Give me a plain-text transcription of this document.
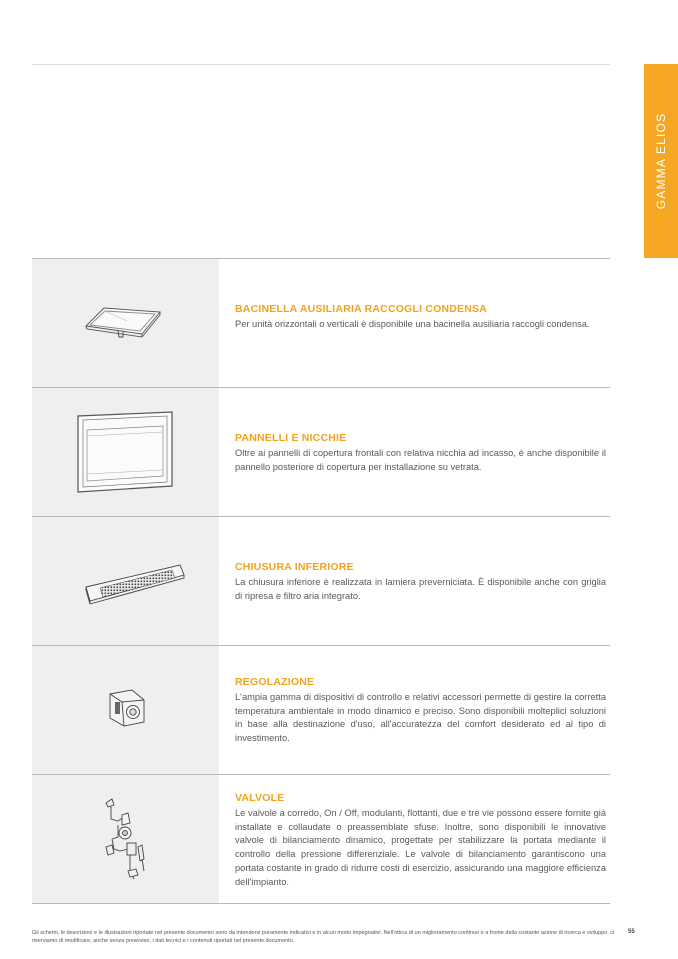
GAMMA ELIOS

BACINELLA AUSILIARIA RACCOGLI CONDENSA

Per unità orizzontali o verticali è disponibile una bacinella ausiliaria raccogli condensa.

PANNELLI E NICCHIE

Oltre ai pannelli di copertura frontali con relativa nicchia ad incasso, è anche disponibile il pannello posteriore di copertura per installazione su vetrata.

CHIUSURA INFERIORE

La chiusura inferiore è realizzata in lamiera preverniciata. È disponibile anche con griglia di ripresa e filtro aria integrato.

REGOLAZIONE

L'ampia gamma di dispositivi di controllo e relativi accessori permette di gestire la corretta temperatura ambientale in modo dinamico e preciso. Sono disponibili molteplici soluzioni in base alla destinazione d'uso, all'accuratezza del comfort desiderato ed al tipo di investimento.

VALVOLE

Le valvole a corredo, On / Off, modulanti, flottanti, due e tre vie possono essere fornite già installate e collaudate o preassemblate sfuse. Inoltre, sono disponibili le innovative valvole di bilanciamento dinamico, progettate per stabilizzare la portata mediante il controllo della pressione differenziale. Le valvole di bilanciamento garantiscono una portata costante in grado di ridurre costi di esercizio, assicurando una maggiore efficienza dell'impianto.

Gli schemi, le descrizioni e le illustrazioni riportate nel presente documento sono da intendersi puramente indicativi e in alcun modo impegnativi. Nell'ottica di un miglioramento continuo e a fronte della costante azione di ricerca e sviluppo, ci riserviamo di modificare, anche senza preavviso, i dati tecnici e i contenuti riportati nel presente documento.
55
